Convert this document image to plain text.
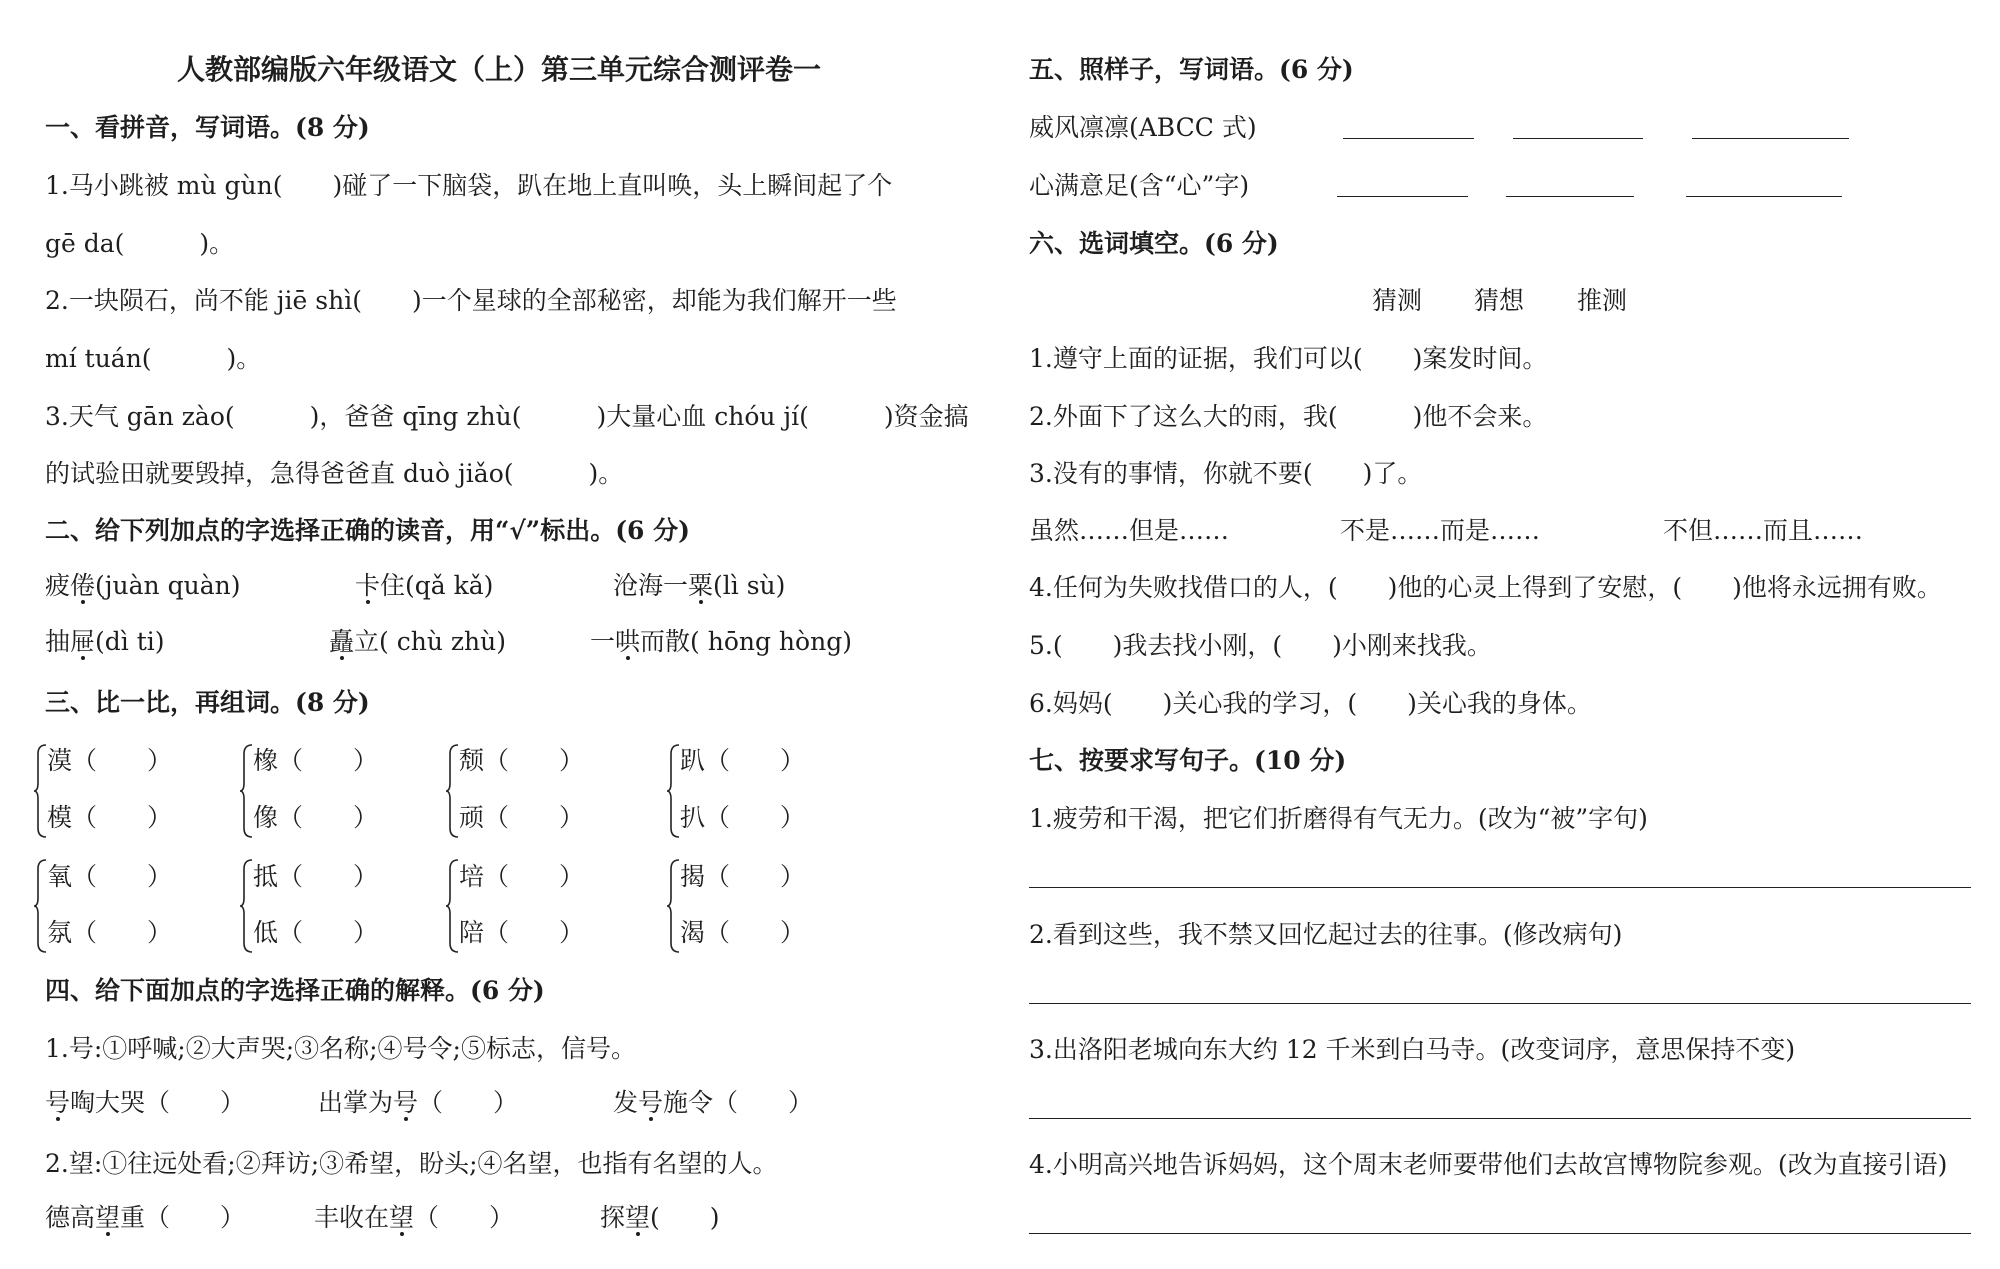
人教部编版六年级语文（上）第三单元综合测评卷一
一、看拼音，写词语。(8 分)
1.马小跳被 mù gùn(　　)碰了一下脑袋，趴在地上直叫唤，头上瞬间起了个
gē da(　　　)。
2.一块陨石，尚不能 jiē shì(　　)一个星球的全部秘密，却能为我们解开一些
mí tuán(　　　)。
3.天气 gān zào(　　　)，爸爸 qīng zhù(　　　)大量心血 chóu jí(　　　)资金搞
的试验田就要毁掉，急得爸爸直 duò jiǎo(　　　)。
二、给下列加点的字选择正确的读音，用“√”标出。(6 分)
疲倦(juàn quàn)	卡住(qǎ kǎ)	沧海一粟(lì sù)
抽屉(dì ti)	矗立( chù zhù)	一哄而散( hōng hòng)
三、比一比，再组词。(8 分)
漠（　　）
模（　　）
橡（　　）
像（　　）
颓（　　）
顽（　　）
趴（　　）
扒（　　）
氧（　　）
氛（　　）
抵（　　）
低（　　）
培（　　）
陪（　　）
揭（　　）
渴（　　）
四、给下面加点的字选择正确的解释。(6 分)
1.号:①呼喊;②大声哭;③名称;④号令;⑤标志，信号。
号啕大哭（　　）	出掌为号（　　）	发号施令（　　）
2.望:①往远处看;②拜访;③希望，盼头;④名望，也指有名望的人。
德高望重（　　）	丰收在望（　　）	探望(　　)
五、照样子，写词语。(6 分)
威风凛凛(ABCC 式)
心满意足(含“心”字)
六、选词填空。(6 分)
猜测 猜想 推测
1.遵守上面的证据，我们可以(　　)案发时间。
2.外面下了这么大的雨，我(　　　)他不会来。
3.没有的事情，你就不要(　　)了。
虽然……但是……	不是……而是……	不但……而且……
4.任何为失败找借口的人，(　　)他的心灵上得到了安慰，(　　)他将永远拥有败。
5.(　　)我去找小刚，(　　)小刚来找我。
6.妈妈(　　)关心我的学习，(　　)关心我的身体。
七、按要求写句子。(10 分)
1.疲劳和干渴，把它们折磨得有气无力。(改为“被”字句)
2.看到这些，我不禁又回忆起过去的往事。(修改病句)
3.出洛阳老城向东大约 12 千米到白马寺。(改变词序，意思保持不变)
4.小明高兴地告诉妈妈，这个周末老师要带他们去故宫博物院参观。(改为直接引语)
